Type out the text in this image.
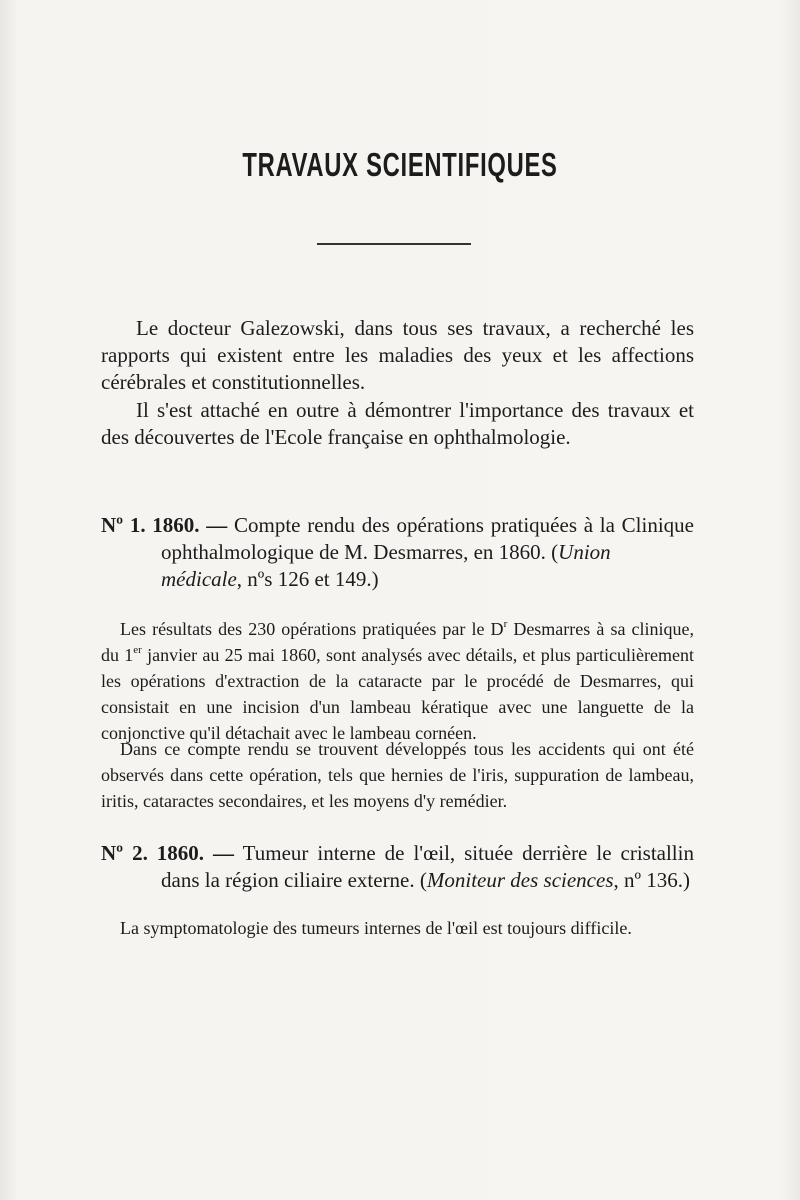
TRAVAUX SCIENTIFIQUES

Le docteur Galezowski, dans tous ses travaux, a recherché les rapports qui existent entre les maladies des yeux et les affections cérébrales et constitutionnelles.

Il s'est attaché en outre à démontrer l'importance des travaux et des découvertes de l'Ecole française en ophthalmologie.

Nº 1. 1860. — Compte rendu des opérations pratiquées à la Clinique
ophthalmologique de M. Desmarres, en 1860. (Union médicale, nºs 126 et 149.)

Les résultats des 230 opérations pratiquées par le $D^r$ Desmarres à sa clinique, du 1er janvier au 25 mai 1860, sont analysés avec détails, et plus particulièrement les opérations d'extraction de la cataracte par le procédé de Desmarres, qui consistait en une incision d'un lambeau kératique avec une languette de la conjonctive qu'il détachait avec le lambeau cornéen.

Dans ce compte rendu se trouvent développés tous les accidents qui ont été observés dans cette opération, tels que hernies de l'iris, suppuration de lambeau, iritis, cataractes secondaires, et les moyens d'y remédier.

Nº 2. 1860. — Tumeur interne de l'œil, située derrière le cristallin
dans la région ciliaire externe. (Moniteur des sciences, nº 136.)

La symptomatologie des tumeurs internes de l'œil est toujours difficile.
